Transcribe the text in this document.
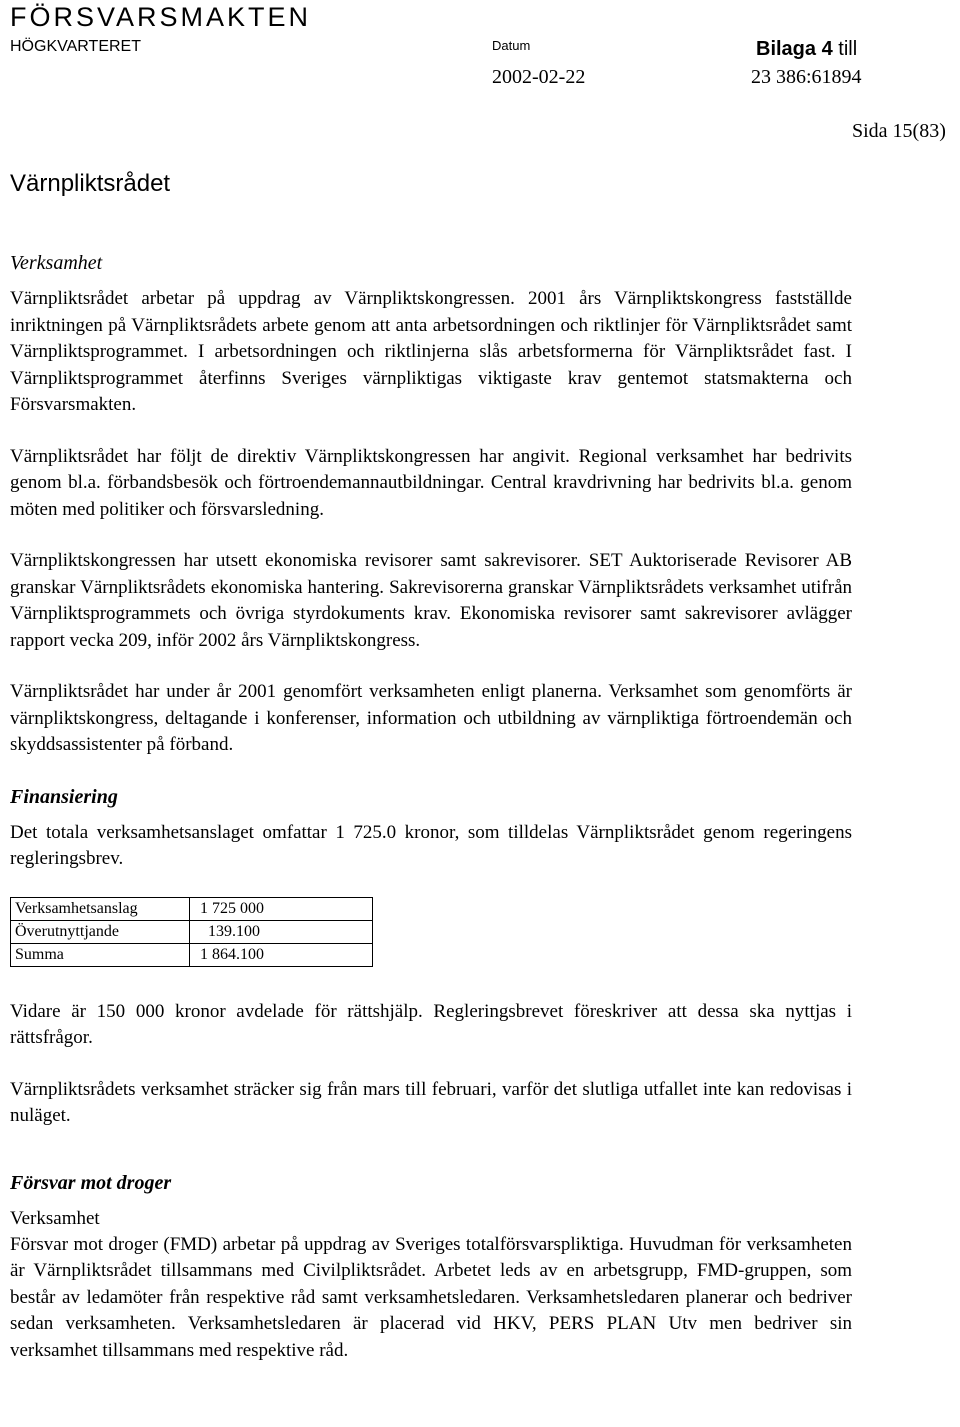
FÖRSVARSMAKTEN
HÖGKVARTERET	Datum	Bilaga 4 till
2002-02-22	23 386:61894
Sida 15(83)
Värnpliktsrådet
Verksamhet

Värnpliktsrådet arbetar på uppdrag av Värnpliktskongressen. 2001 års Värnpliktskongress fastställde inriktningen på Värnpliktsrådets arbete genom att anta arbetsordningen och riktlinjer för Värnpliktsrådet samt Värnpliktsprogrammet. I arbetsordningen och riktlinjerna slås arbetsformerna för Värnpliktsrådet fast. I Värnpliktsprogrammet återfinns Sveriges värnpliktigas viktigaste krav gentemot statsmakterna och Försvarsmakten.

Värnpliktsrådet har följt de direktiv Värnpliktskongressen har angivit. Regional verksamhet har bedrivits genom bl.a. förbandsbesök och förtroendemannautbildningar. Central kravdrivning har bedrivits bl.a. genom möten med politiker och försvarsledning.

Värnpliktskongressen har utsett ekonomiska revisorer samt sakrevisorer. SET Auktoriserade Revisorer AB granskar Värnpliktsrådets ekonomiska hantering. Sakrevisorerna granskar Värnpliktsrådets verksamhet utifrån Värnpliktsprogrammets och övriga styrdokuments krav. Ekonomiska revisorer samt sakrevisorer avlägger rapport vecka 209, inför 2002 års Värnpliktskongress.

Värnpliktsrådet har under år 2001 genomfört verksamheten enligt planerna. Verksamhet som genomförts är värnpliktskongress, deltagande i konferenser, information och utbildning av värnpliktiga förtroendemän och skyddsassistenter på förband.

Finansiering

Det totala verksamhetsanslaget omfattar 1 725.0 kronor, som tilldelas Värnpliktsrådet genom regeringens regleringsbrev.

Verksamhetsanslag	1 725 000
Överutnyttjande	139.100
Summa	1 864.100

Vidare är 150 000 kronor avdelade för rättshjälp. Regleringsbrevet föreskriver att dessa ska nyttjas i rättsfrågor.

Värnpliktsrådets verksamhet sträcker sig från mars till februari, varför det slutliga utfallet inte kan redovisas i nuläget.

Försvar mot droger
Verksamhet

Försvar mot droger (FMD) arbetar på uppdrag av Sveriges totalförsvarspliktiga. Huvudman för verksamheten är Värnpliktsrådet tillsammans med Civilpliktsrådet. Arbetet leds av en arbetsgrupp, FMD-gruppen, som består av ledamöter från respektive råd samt verksamhetsledaren. Verksamhetsledaren planerar och bedriver sedan verksamheten. Verksamhetsledaren är placerad vid HKV, PERS PLAN Utv men bedriver sin verksamhet tillsammans med respektive råd.
